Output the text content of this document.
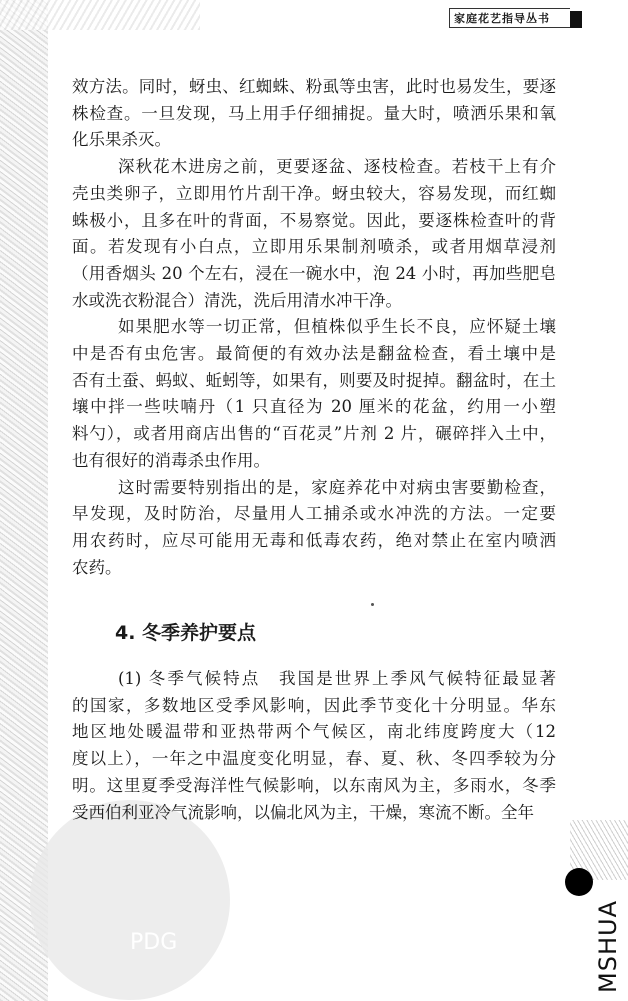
PDG
家庭花艺指导丛书
效方法。同时，蚜虫、红蜘蛛、粉虱等虫害，此时也易发生，要逐
株检查。一旦发现，马上用手仔细捕捉。量大时，喷洒乐果和氧
化乐果杀灭。
深秋花木进房之前，更要逐盆、逐枝检查。若枝干上有介
壳虫类卵子，立即用竹片刮干净。蚜虫较大，容易发现，而红蜘
蛛极小，且多在叶的背面，不易察觉。因此，要逐株检查叶的背
面。若发现有小白点，立即用乐果制剂喷杀，或者用烟草浸剂
（用香烟头 20 个左右，浸在一碗水中，泡 24 小时，再加些肥皂
水或洗衣粉混合）清洗，洗后用清水冲干净。
如果肥水等一切正常，但植株似乎生长不良，应怀疑土壤
中是否有虫危害。最简便的有效办法是翻盆检查，看土壤中是
否有土蚕、蚂蚁、蚯蚓等，如果有，则要及时捉掉。翻盆时，在土
壤中拌一些呋喃丹（1 只直径为 20 厘米的花盆，约用一小塑
料勺），或者用商店出售的“百花灵”片剂 2 片，碾碎拌入土中，
也有很好的消毒杀虫作用。
这时需要特别指出的是，家庭养花中对病虫害要勤检查，
早发现，及时防治，尽量用人工捕杀或水冲洗的方法。一定要
用农药时，应尽可能用无毒和低毒农药，绝对禁止在室内喷洒
农药。
4. 冬季养护要点
(1) 冬季气候特点　我国是世界上季风气候特征最显著
的国家，多数地区受季风影响，因此季节变化十分明显。华东
地区地处暖温带和亚热带两个气候区，南北纬度跨度大（12
度以上），一年之中温度变化明显，春、夏、秋、冬四季较为分
明。这里夏季受海洋性气候影响，以东南风为主，多雨水，冬季
受西伯利亚冷气流影响，以偏北风为主，干燥，寒流不断。全年
MSHUA
